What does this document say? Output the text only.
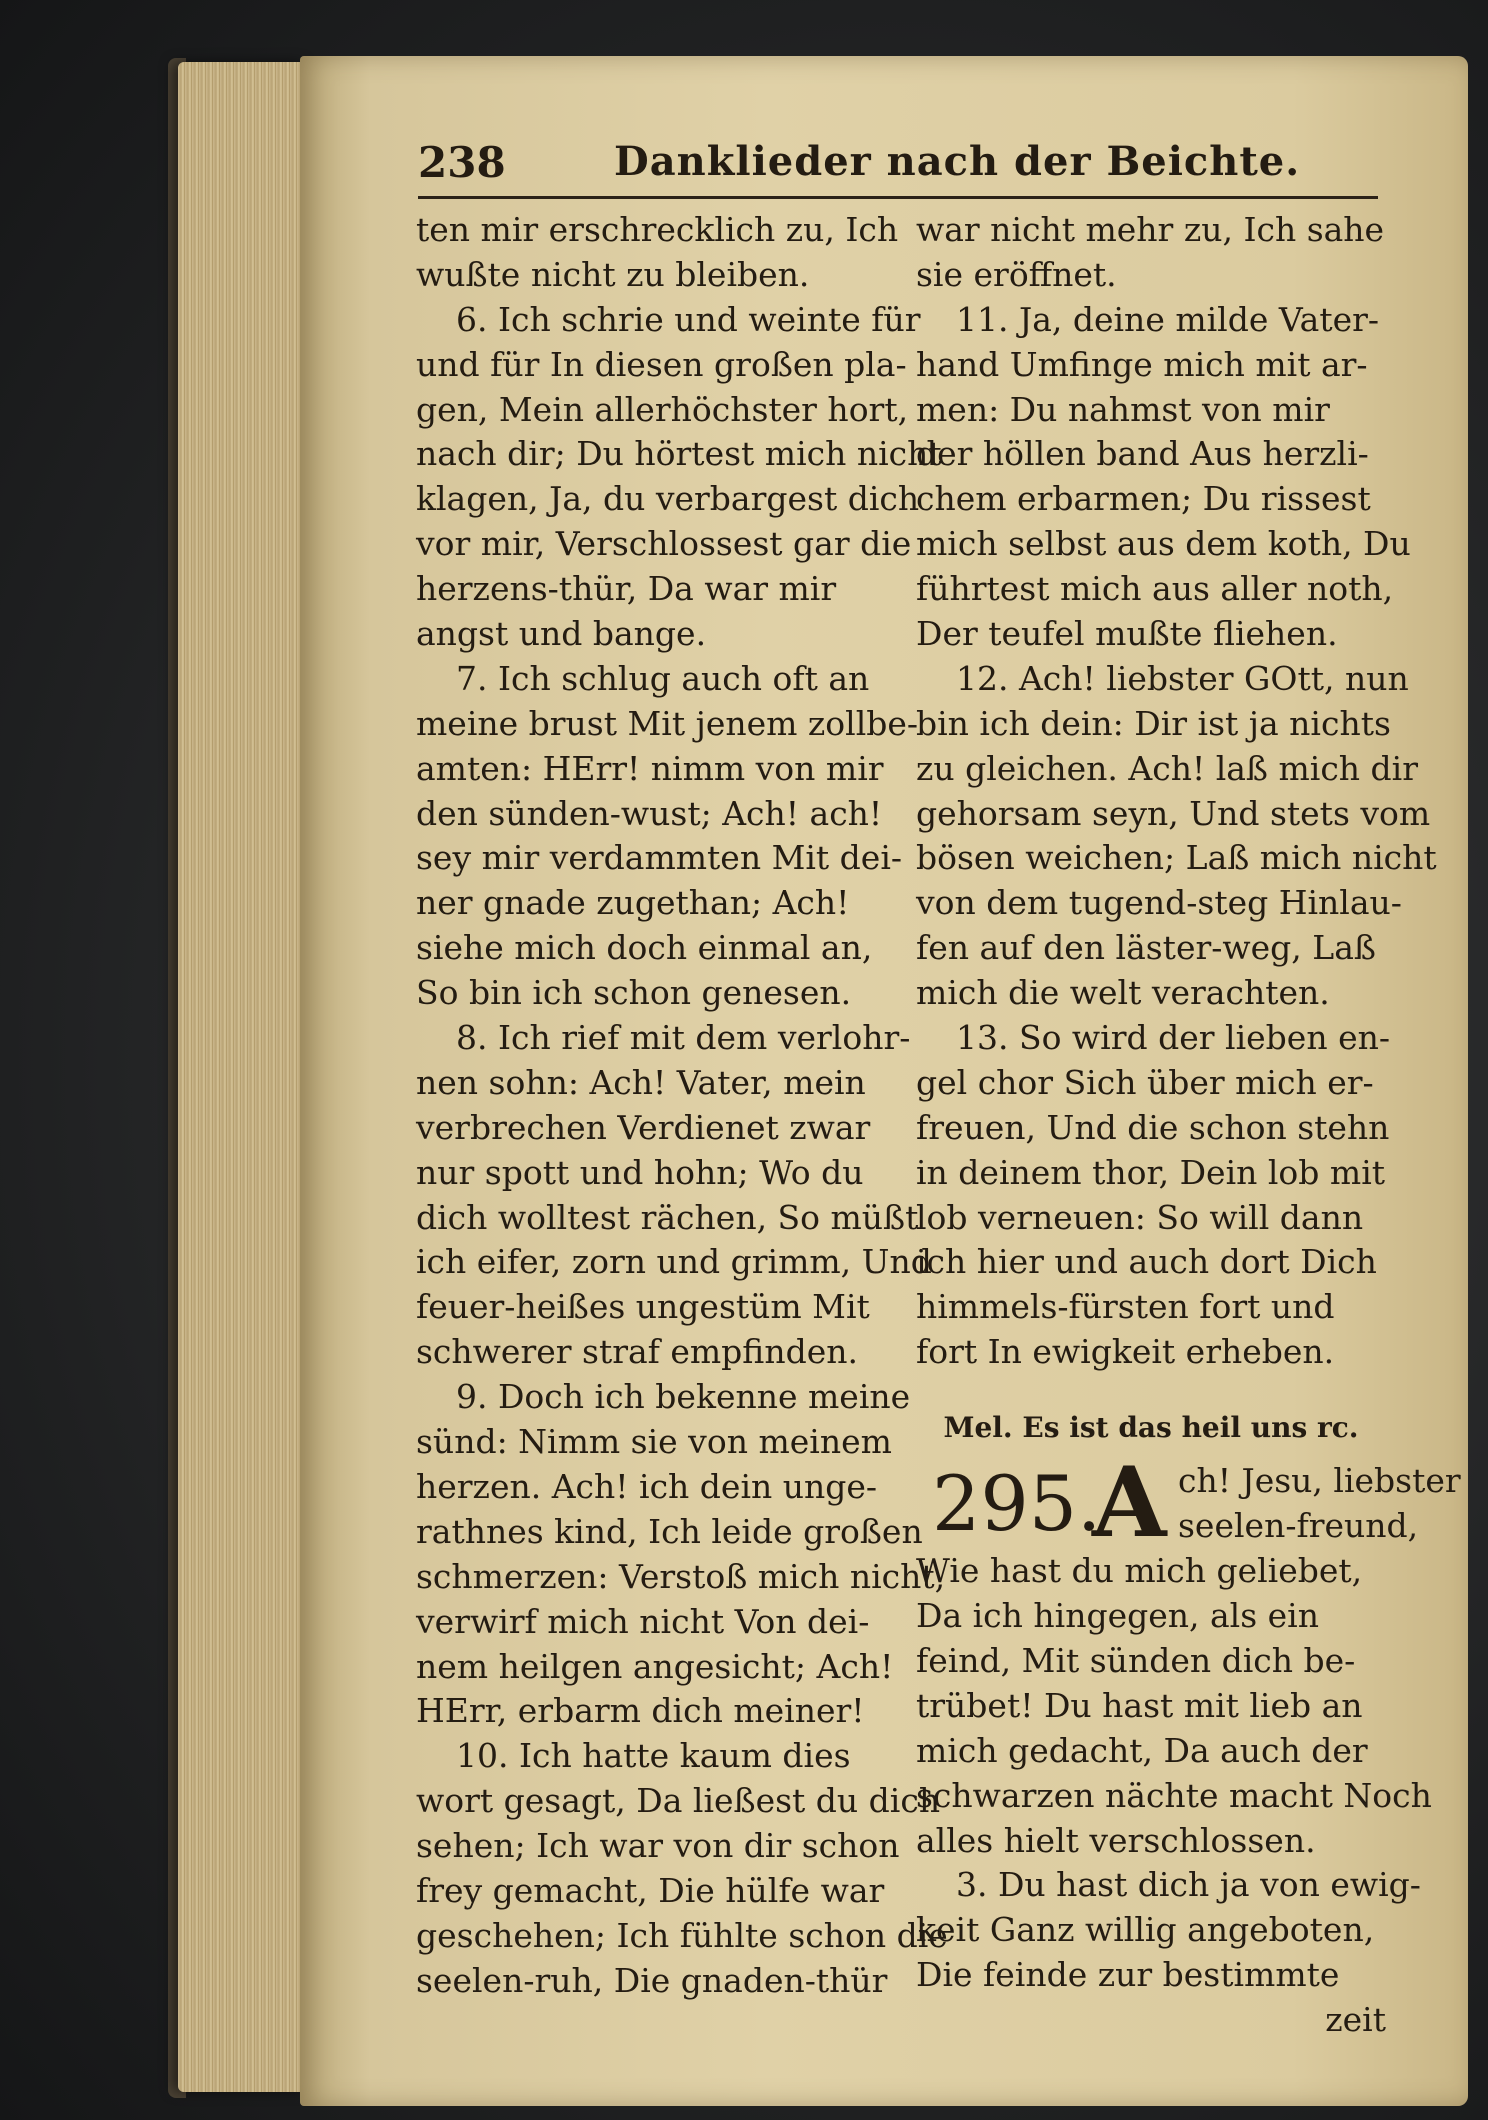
238	Danklieder nach der Beichte.
ten mir erschrecklich zu, Ich
wußte nicht zu bleiben.
6. Ich schrie und weinte für
und für In diesen großen pla-
gen, Mein allerhöchster hort,
nach dir; Du hörtest mich nicht
klagen, Ja, du verbargest dich
vor mir, Verschlossest gar die
herzens-thür, Da war mir
angst und bange.
7. Ich schlug auch oft an
meine brust Mit jenem zollbe-
amten: HErr! nimm von mir
den sünden-wust; Ach! ach!
sey mir verdammten Mit dei-
ner gnade zugethan; Ach!
siehe mich doch einmal an,
So bin ich schon genesen.
8. Ich rief mit dem verlohr-
nen sohn: Ach! Vater, mein
verbrechen Verdienet zwar
nur spott und hohn; Wo du
dich wolltest rächen, So müßt
ich eifer, zorn und grimm, Und
feuer-heißes ungestüm Mit
schwerer straf empfinden.
9. Doch ich bekenne meine
sünd: Nimm sie von meinem
herzen. Ach! ich dein unge-
rathnes kind, Ich leide großen
schmerzen: Verstoß mich nicht,
verwirf mich nicht Von dei-
nem heilgen angesicht; Ach!
HErr, erbarm dich meiner!
10. Ich hatte kaum dies
wort gesagt, Da ließest du dich
sehen; Ich war von dir schon
frey gemacht, Die hülfe war
geschehen; Ich fühlte schon die
seelen-ruh, Die gnaden-thür
war nicht mehr zu, Ich sahe
sie eröffnet.
11. Ja, deine milde Vater-
hand Umfinge mich mit ar-
men: Du nahmst von mir
der höllen band Aus herzli-
chem erbarmen; Du rissest
mich selbst aus dem koth, Du
führtest mich aus aller noth,
Der teufel mußte fliehen.
12. Ach! liebster GOtt, nun
bin ich dein: Dir ist ja nichts
zu gleichen. Ach! laß mich dir
gehorsam seyn, Und stets vom
bösen weichen; Laß mich nicht
von dem tugend-steg Hinlau-
fen auf den läster-weg, Laß
mich die welt verachten.
13. So wird der lieben en-
gel chor Sich über mich er-
freuen, Und die schon stehn
in deinem thor, Dein lob mit
lob verneuen: So will dann
ich hier und auch dort Dich
himmels-fürsten fort und
fort In ewigkeit erheben.
Mel. Es ist das heil uns rc.
295.
A ch! Jesu, liebster
seelen-freund,
Wie hast du mich geliebet,
Da ich hingegen, als ein
feind, Mit sünden dich be-
trübet! Du hast mit lieb an
mich gedacht, Da auch der
schwarzen nächte macht Noch
alles hielt verschlossen.
3. Du hast dich ja von ewig-
keit Ganz willig angeboten,
Die feinde zur bestimmte
zeit
